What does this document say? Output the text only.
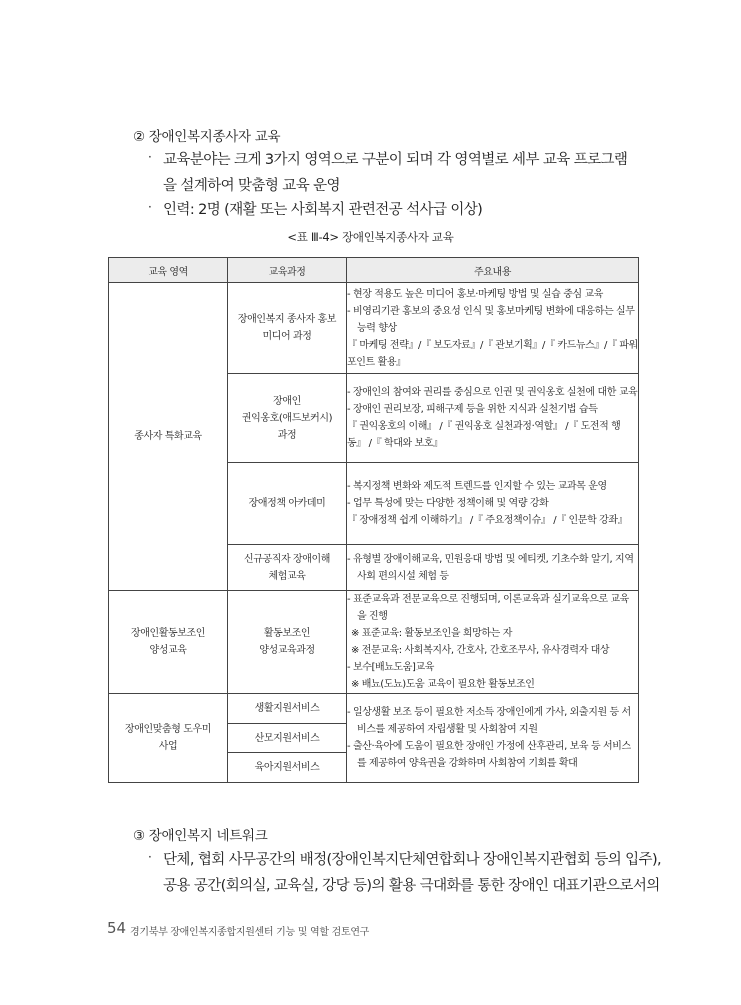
② 장애인복지종사자 교육
· 교육분야는 크게 3가지 영역으로 구분이 되며 각 영역별로 세부 교육 프로그램
을 설계하여 맞춤형 교육 운영
· 인력: 2명 (재활 또는 사회복지 관련전공 석사급 이상)
<표 Ⅲ-4> 장애인복지종사자 교육
교육 영역	교육과정	주요내용
종사자 특화교육	장애인복지 종사자 홍보
미디어 과정	- 현장 적용도 높은 미디어 홍보·마케팅 방법 및 실습 중심 교육
- 비영리기관 홍보의 중요성 인식 및 홍보마케팅 변화에 대응하는 실무능력 향상
『 마케팅 전략』/『 보도자료』/『 관보기획』/『 카드뉴스』/『 파워포인트 활용』

	장애인
권익옹호(애드보커시)
과정	- 장애인의 참여와 권리를 중심으로 인권 및 권익옹호 실천에 대한 교육
- 장애인 권리보장, 피해구제 등을 위한 지식과 실천기법 습득
『 권익옹호의 이해』 /『 권익옹호 실천과정·역할』 /『 도전적 행동』 /『 학대와 보호』

	장애정책 아카데미	- 복지정책 변화와 제도적 트렌드를 인지할 수 있는 교과목 운영
- 업무 특성에 맞는 다양한 정책이해 및 역량 강화
『 장애정책 쉽게 이해하기』 /『 주요정책이슈』 /『 인문학 강좌』

	신규공직자 장애이해
체험교육	- 유형별 장애이해교육, 민원응대 방법 및 에티켓, 기초수화 알기, 지역사회 편의시설 체험 등

장애인활동보조인
양성교육	활동보조인
양성교육과정	- 표준교육과 전문교육으로 진행되며, 이론교육과 실기교육으로 교육을 진행
※ 표준교육: 활동보조인을 희망하는 자
※ 전문교육: 사회복지사, 간호사, 간호조무사, 유사경력자 대상
- 보수[배뇨도움]교육
※ 배뇨(도뇨)도움 교육이 필요한 활동보조인

장애인맞춤형 도우미
사업	생활지원서비스	- 일상생활 보조 등이 필요한 저소득 장애인에게 가사, 외출지원 등 서비스를 제공하여 자립생활 및 사회참여 지원
- 출산·육아에 도움이 필요한 장애인 가정에 산후관리, 보육 등 서비스를 제공하여 양육권을 강화하며 사회참여 기회를 확대

	산모지원서비스	
	육아지원서비스	
③ 장애인복지 네트워크
· 단체, 협회 사무공간의 배정(장애인복지단체연합회나 장애인복지관협회 등의 입주),
공용 공간(회의실, 교육실, 강당 등)의 활용 극대화를 통한 장애인 대표기관으로서의
54 경기북부 장애인복지종합지원센터 기능 및 역할 검토연구
